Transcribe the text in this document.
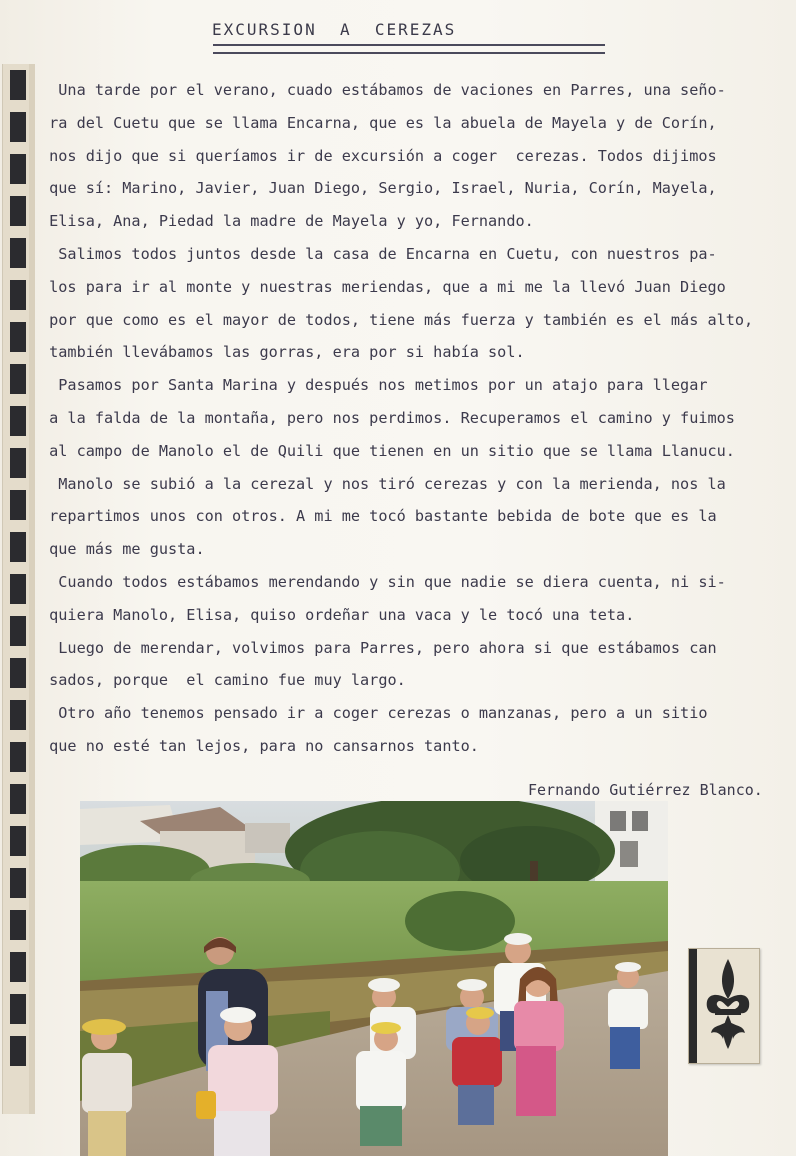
EXCURSION  A  CEREZAS
Una tarde por el verano, cuado estábamos de vaciones en Parres, una seño-
ra del Cuetu que se llama Encarna, que es la abuela de Mayela y de Corín,
nos dijo que si queríamos ir de excursión a coger  cerezas. Todos dijimos
que sí: Marino, Javier, Juan Diego, Sergio, Israel, Nuria, Corín, Mayela,
Elisa, Ana, Piedad la madre de Mayela y yo, Fernando.
Salimos todos juntos desde la casa de Encarna en Cuetu, con nuestros pa-
los para ir al monte y nuestras meriendas, que a mi me la llevó Juan Diego
por que como es el mayor de todos, tiene más fuerza y también es el más alto,
también llevábamos las gorras, era por si había sol.
Pasamos por Santa Marina y después nos metimos por un atajo para llegar
a la falda de la montaña, pero nos perdimos. Recuperamos el camino y fuimos
al campo de Manolo el de Quili que tienen en un sitio que se llama Llanucu.
Manolo se subió a la cerezal y nos tiró cerezas y con la merienda, nos la
repartimos unos con otros. A mi me tocó bastante bebida de bote que es la
que más me gusta.
Cuando todos estábamos merendando y sin que nadie se diera cuenta, ni si-
quiera Manolo, Elisa, quiso ordeñar una vaca y le tocó una teta.
Luego de merendar, volvimos para Parres, pero ahora si que estábamos can
sados, porque  el camino fue muy largo.
Otro año tenemos pensado ir a coger cerezas o manzanas, pero a un sitio
que no esté tan lejos, para no cansarnos tanto.
Fernando Gutiérrez Blanco.
